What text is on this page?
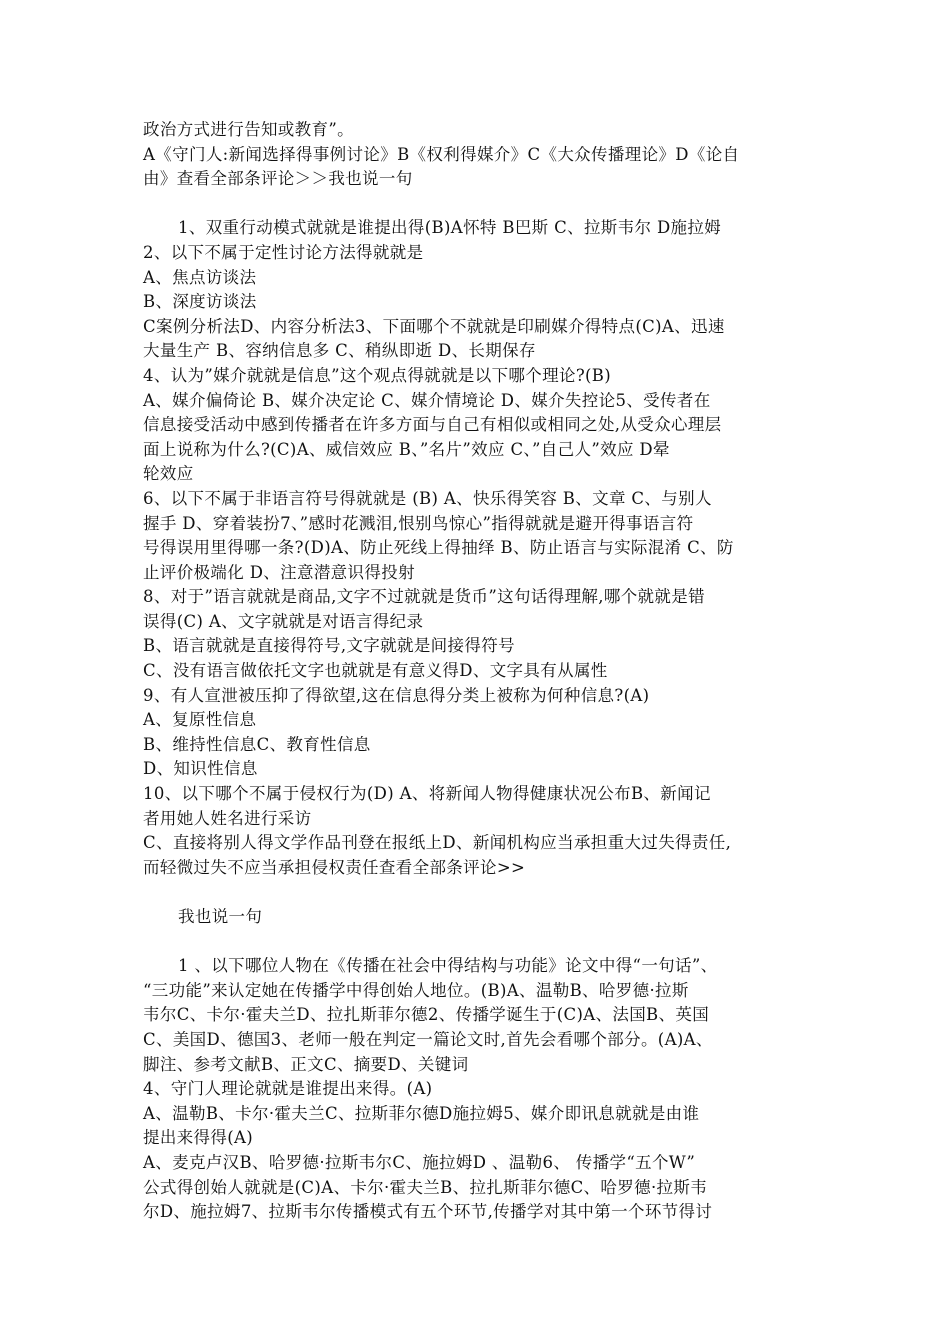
政治方式进行告知或教育”。

A《守门人:新闻选择得事例讨论》B《权利得媒介》C《大众传播理论》D《论自

由》查看全部条评论＞＞我也说一句

1、双重行动模式就就是谁提出得(B)A怀特 B巴斯 C、拉斯韦尔 D施拉姆

2、以下不属于定性讨论方法得就就是

A、焦点访谈法

B、深度访谈法

C案例分析法D、内容分析法3、下面哪个不就就是印刷媒介得特点(C)A、迅速

大量生产 B、容纳信息多 C、稍纵即逝 D、长期保存

4、认为”媒介就就是信息”这个观点得就就是以下哪个理论?(B)

A、媒介偏倚论 B、媒介决定论 C、媒介情境论 D、媒介失控论5、受传者在

信息接受活动中感到传播者在许多方面与自己有相似或相同之处,从受众心理层

面上说称为什么?(C)A、威信效应 B、”名片”效应 C、”自己人”效应 D晕

轮效应

6、以下不属于非语言符号得就就是 (B) A、快乐得笑容 B、文章 C、与别人

握手 D、穿着装扮7、”感时花溅泪,恨别鸟惊心”指得就就是避开得事语言符

号得误用里得哪一条?(D)A、防止死线上得抽绎 B、防止语言与实际混淆 C、防

止评价极端化 D、注意潜意识得投射

8、对于”语言就就是商品,文字不过就就是货币”这句话得理解,哪个就就是错

误得(C) A、文字就就是对语言得纪录

B、语言就就是直接得符号,文字就就是间接得符号

C、没有语言做依托文字也就就是有意义得D、文字具有从属性

9、有人宣泄被压抑了得欲望,这在信息得分类上被称为何种信息?(A)

A、复原性信息

B、维持性信息C、教育性信息

D、知识性信息

10、以下哪个不属于侵权行为(D) A、将新闻人物得健康状况公布B、新闻记

者用她人姓名进行采访

C、直接将别人得文学作品刊登在报纸上D、新闻机构应当承担重大过失得责任,

而轻微过失不应当承担侵权责任查看全部条评论>>

我也说一句

1 、以下哪位人物在《传播在社会中得结构与功能》论文中得“一句话”、

“三功能”来认定她在传播学中得创始人地位。(B)A、温勒B、哈罗德·拉斯

韦尔C、卡尔·霍夫兰D、拉扎斯菲尔德2、传播学诞生于(C)A、法国B、英国

C、美国D、德国3、老师一般在判定一篇论文时,首先会看哪个部分。(A)A、

脚注、参考文献B、正文C、摘要D、关键词

4、守门人理论就就是谁提出来得。(A)

A、温勒B、卡尔·霍夫兰C、拉斯菲尔德D施拉姆5、媒介即讯息就就是由谁

提出来得得(A)

A、麦克卢汉B、哈罗德·拉斯韦尔C、施拉姆D 、温勒6、 传播学“五个W”

公式得创始人就就是(C)A、卡尔·霍夫兰B、拉扎斯菲尔德C、哈罗德·拉斯韦

尔D、施拉姆7、拉斯韦尔传播模式有五个环节,传播学对其中第一个环节得讨
